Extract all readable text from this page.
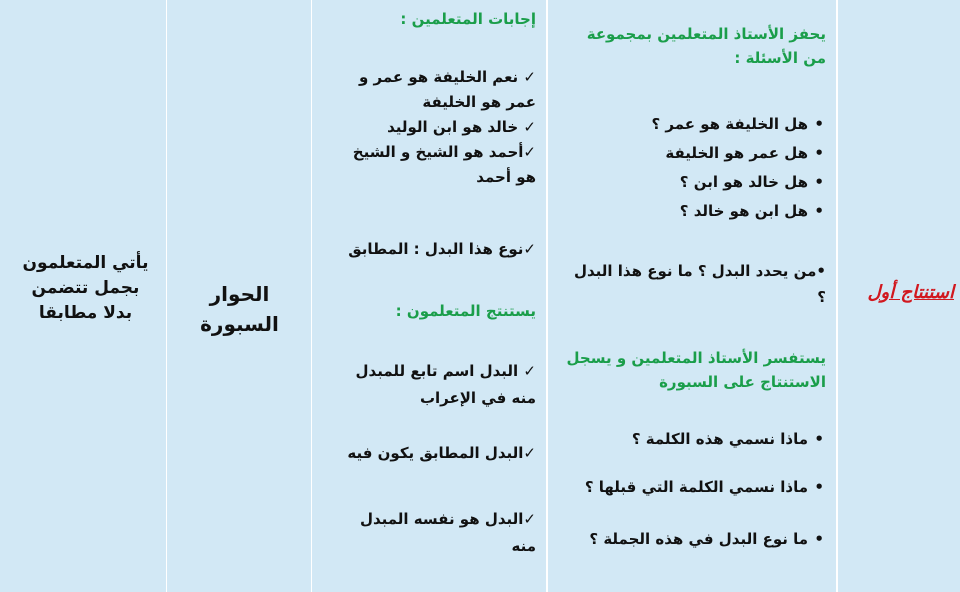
يأتي المتعلمون
بجمل تتضمن
بدلا مطابقا
الحوار
السبورة
إجابات المتعلمين :
✓ نعم الخليفة هو عمر و
عمر هو الخليفة
✓ خالد هو ابن الوليد
✓أحمد هو الشيخ و الشيخ
هو أحمد
✓نوع هذا البدل : المطابق
يستنتج المتعلمون :
✓ البدل اسم تابع للمبدل
منه في الإعراب
✓البدل المطابق يكون فيه
✓البدل هو نفسه المبدل
منه
يحفز الأستاذ المتعلمين بمجموعة
من الأسئلة :
• هل الخليفة هو عمر ؟
• هل عمر هو الخليفة
• هل خالد هو ابن ؟
• هل ابن هو خالد ؟
•من يحدد البدل ؟ ما نوع هذا البدل
؟
يستفسر الأستاذ المتعلمين و يسجل
الاستنتاج على السبورة
• ماذا نسمي هذه الكلمة ؟
• ماذا نسمي الكلمة التي قبلها ؟
• ما نوع البدل في هذه الجملة ؟
استنتاج أول
